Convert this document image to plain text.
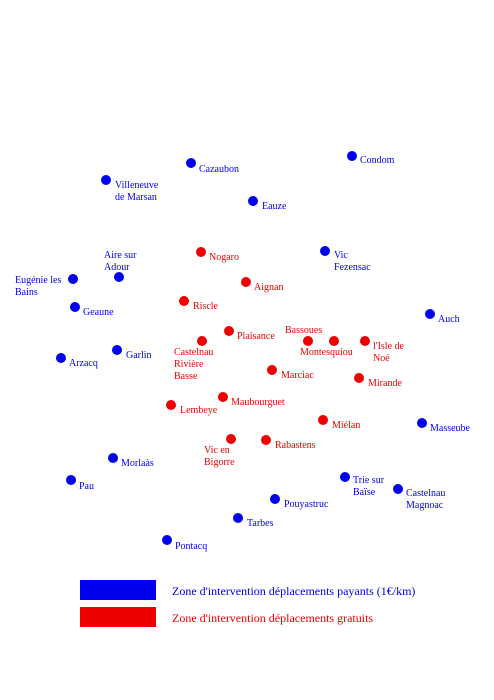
Condom
Cazaubon
Villeneuve
de Marsan
Eauze
Vic
Fezensac
Aire sur
Adour
Eugénie les
Bains
Geaune
Auch
Garlin
Arzacq
Masseube
Morlaàs
Pau
Trie sur
Baïse	Castelnau
Magnoac
Pouyastruc
Tarbes
Pontacq
Nogaro
Aignan
Riscle
Plaisance
Bassoues
Montesquiou
l'Isle de
Noé
Castelnau
Rivière
Basse	Marciac
Mirande
Maubourguet
Lembeye
Miélan
Vic en
Bigorre
Rabastens
Zone d'intervention déplacements payants (1€/km)
Zone d'intervention déplacements gratuits
